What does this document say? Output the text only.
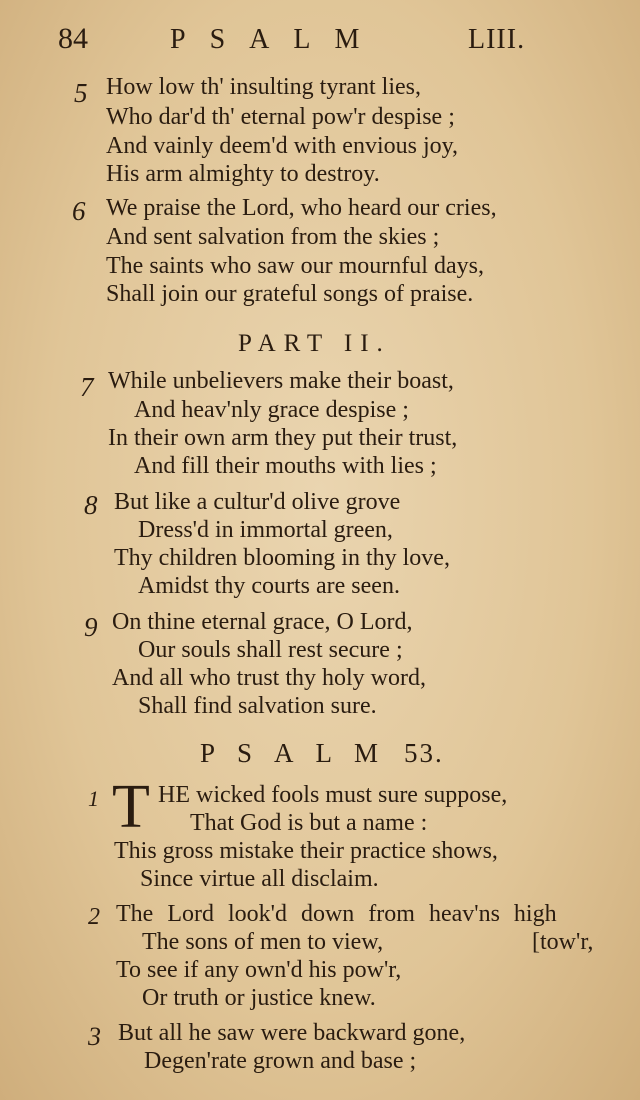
84	PSALM	LIII.
5 How low th' insulting tyrant lies,
Who dar'd th' eternal pow'r despise ;
And vainly deem'd with envious joy,
His arm almighty to destroy.
6 We praise the Lord, who heard our cries,
And sent salvation from the skies ;
The saints who saw our mournful days,
Shall join our grateful songs of praise.
PART II.
7 While unbelievers make their boast,
And heav'nly grace despise ;
In their own arm they put their trust,
And fill their mouths with lies ;
8 But like a cultur'd olive grove
Dress'd in immortal green,
Thy children blooming in thy love,
Amidst thy courts are seen.
9 On thine eternal grace, O Lord,
Our souls shall rest secure ;
And all who trust thy holy word,
Shall find salvation sure.
PSALM 53.
1 T HE wicked fools must sure suppose,
That God is but a name :
This gross mistake their practice shows,
Since virtue all disclaim.
2 The Lord look'd down from heav'ns high
The sons of men to view,	[tow'r,
To see if any own'd his pow'r,
Or truth or justice knew.
3 But all he saw were backward gone,
Degen'rate grown and base ;
